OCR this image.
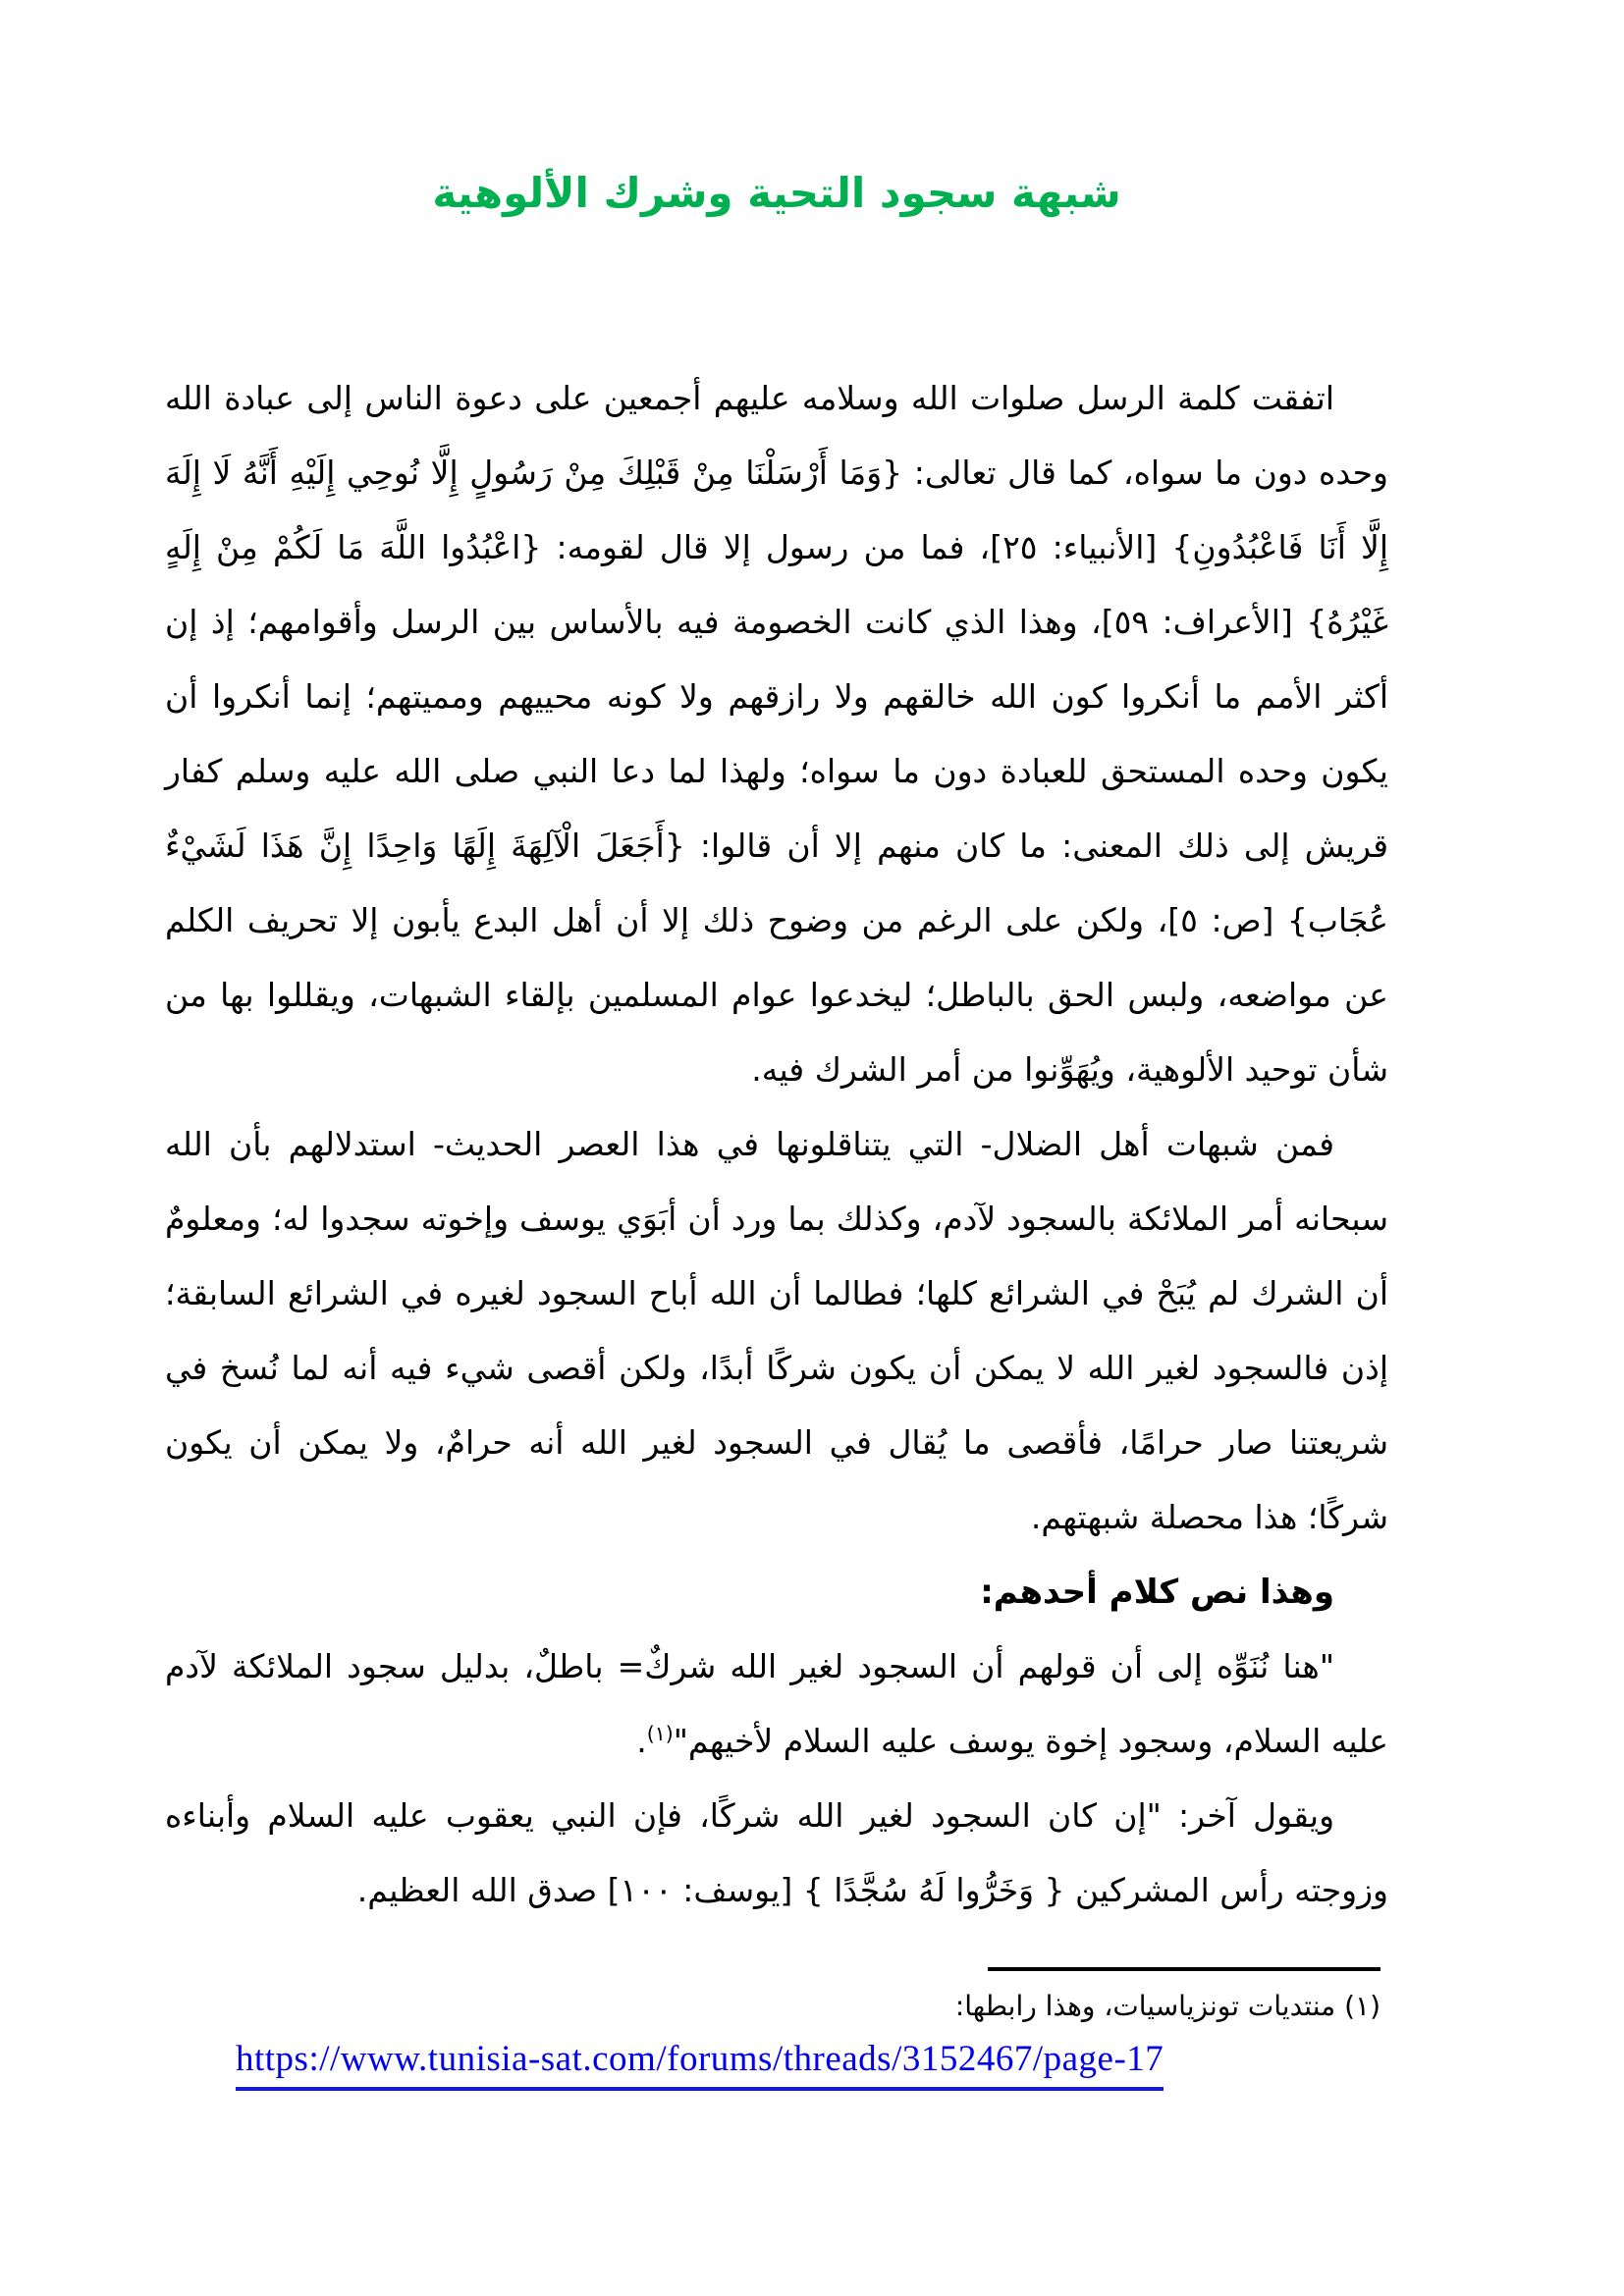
شبهة سجود التحية وشرك الألوهية

اتفقت كلمة الرسل صلوات الله وسلامه عليهم أجمعين على دعوة الناس إلى عبادة الله وحده دون ما سواه، كما قال تعالى: {وَمَا أَرْسَلْنَا مِنْ قَبْلِكَ مِنْ رَسُولٍ إِلَّا نُوحِي إِلَيْهِ أَنَّهُ لَا إِلَهَ إِلَّا أَنَا فَاعْبُدُونِ} [الأنبياء: ٢٥]، فما من رسول إلا قال لقومه: {اعْبُدُوا اللَّهَ مَا لَكُمْ مِنْ إِلَهٍ غَيْرُهُ} [الأعراف: ٥٩]، وهذا الذي كانت الخصومة فيه بالأساس بين الرسل وأقوامهم؛ إذ إن أكثر الأمم ما أنكروا كون الله خالقهم ولا رازقهم ولا كونه محييهم ومميتهم؛ إنما أنكروا أن يكون وحده المستحق للعبادة دون ما سواه؛ ولهذا لما دعا النبي صلى الله عليه وسلم كفار قريش إلى ذلك المعنى: ما كان منهم إلا أن قالوا: {أَجَعَلَ الْآلِهَةَ إِلَهًا وَاحِدًا إِنَّ هَذَا لَشَيْءٌ عُجَاب} [ص: ٥]، ولكن على الرغم من وضوح ذلك إلا أن أهل البدع يأبون إلا تحريف الكلم عن مواضعه، ولبس الحق بالباطل؛ ليخدعوا عوام المسلمين بإلقاء الشبهات، ويقللوا بها من شأن توحيد الألوهية، ويُهَوِّنوا من أمر الشرك فيه.

فمن شبهات أهل الضلال- التي يتناقلونها في هذا العصر الحديث- استدلالهم بأن الله سبحانه أمر الملائكة بالسجود لآدم، وكذلك بما ورد أن أبَوَي يوسف وإخوته سجدوا له؛ ومعلومٌ أن الشرك لم يُبَحْ في الشرائع كلها؛ فطالما أن الله أباح السجود لغيره في الشرائع السابقة؛ إذن فالسجود لغير الله لا يمكن أن يكون شركًا أبدًا، ولكن أقصى شيء فيه أنه لما نُسخ في شريعتنا صار حرامًا، فأقصى ما يُقال في السجود لغير الله أنه حرامٌ، ولا يمكن أن يكون شركًا؛ هذا محصلة شبهتهم.

وهذا نص كلام أحدهم:

"هنا نُنَوِّه إلى أن قولهم أن السجود لغير الله شركٌ= باطلٌ، بدليل سجود الملائكة لآدم عليه السلام، وسجود إخوة يوسف عليه السلام لأخيهم"$^{(١)}$.

ويقول آخر: "إن كان السجود لغير الله شركًا، فإن النبي يعقوب عليه السلام وأبناءه وزوجته رأس المشركين { وَخَرُّوا لَهُ سُجَّدًا } [يوسف: ١٠٠] صدق الله العظيم.

(١) منتديات تونزياسيات، وهذا رابطها:

https://www.tunisia-sat.com/forums/threads/3152467/page-17
